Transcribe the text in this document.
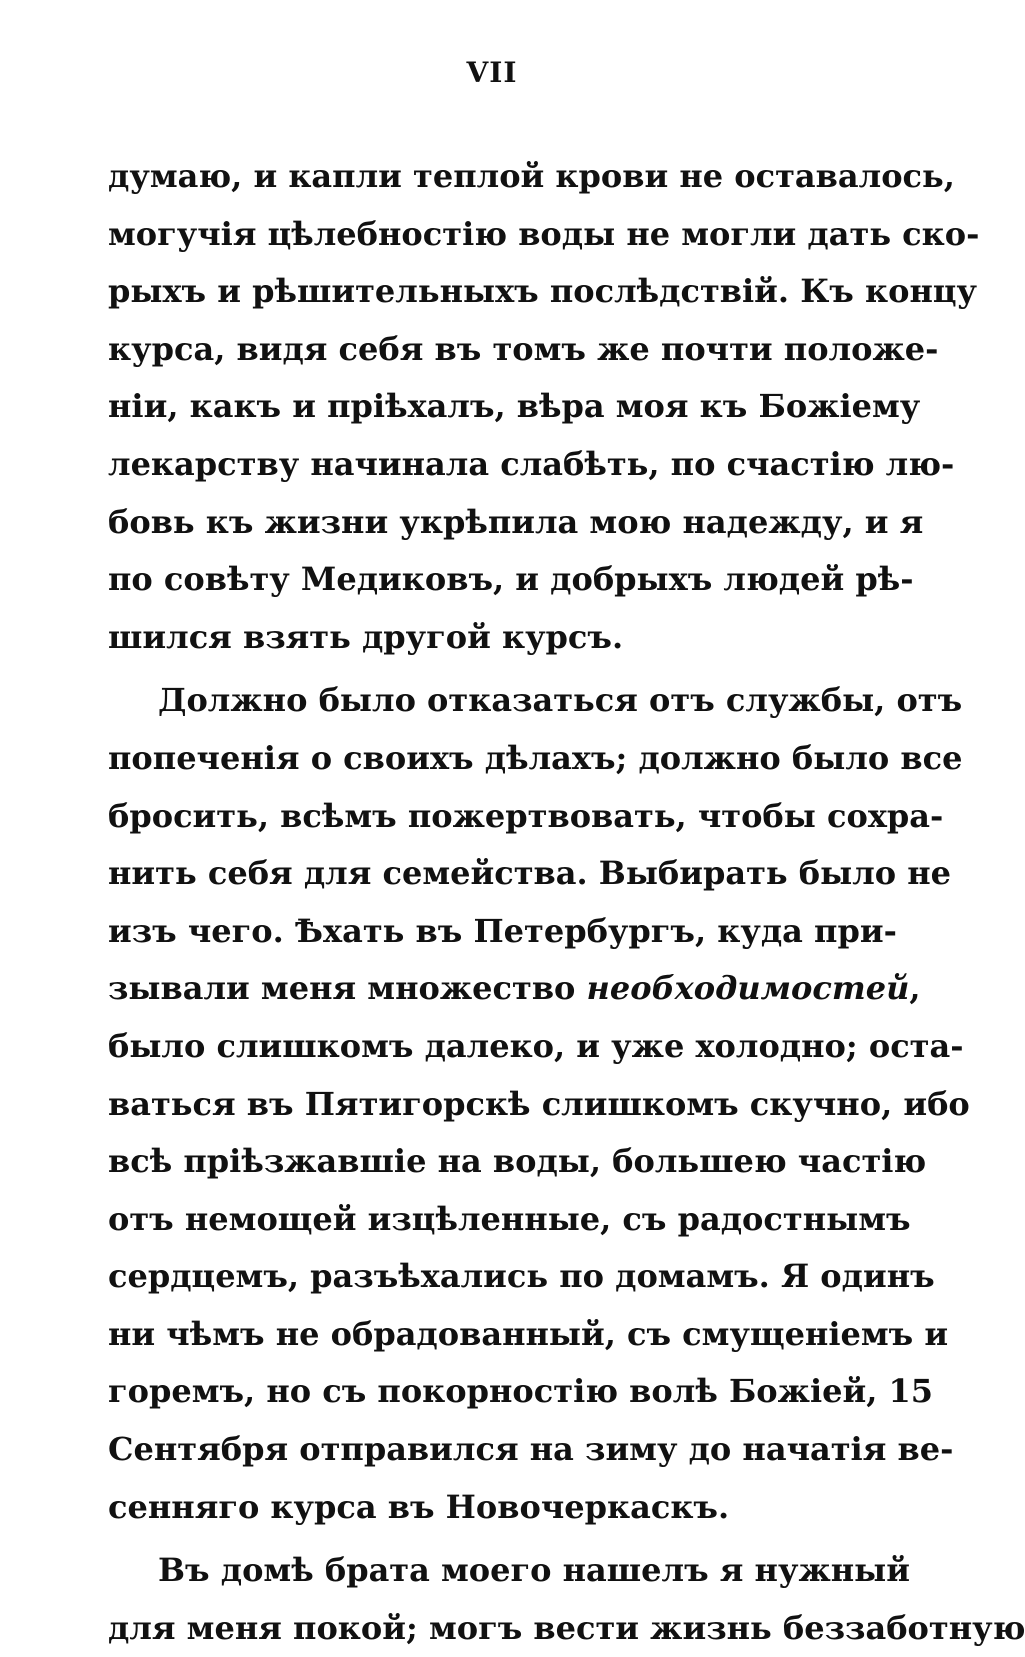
VII
думаю, и капли теплой крови не оставалось,
могучія цѣлебностію воды не могли дать ско-
рыхъ и рѣшительныхъ послѣдствій. Къ концу
курса, видя себя въ томъ же почти положе-
ніи, какъ и пріѣхалъ, вѣра моя къ Божіему
лекарству начинала слабѣть, по счастію лю-
бовь къ жизни укрѣпила мою надежду, и я
по совѣту Медиковъ, и добрыхъ людей рѣ-
шился взять другой курсъ.
Должно было отказаться отъ службы, отъ
попеченія о своихъ дѣлахъ; должно было все
бросить, всѣмъ пожертвовать, чтобы сохра-
нить себя для семейства. Выбирать было не
изъ чего. Ѣхать въ Петербургъ, куда при-
зывали меня множество необходимостей,
было слишкомъ далеко, и уже холодно; оста-
ваться въ Пятигорскѣ слишкомъ скучно, ибо
всѣ пріѣзжавшіе на воды, большею частію
отъ немощей изцѣленные, съ радостнымъ
сердцемъ, разъѣхались по домамъ. Я одинъ
ни чѣмъ не обрадованный, съ смущеніемъ и
горемъ, но съ покорностію волѣ Божіей, 15
Сентября отправился на зиму до начатія ве-
сенняго курса въ Новочеркаскъ.
Въ домѣ брата моего нашелъ я нужный
для меня покой; могъ вести жизнь беззаботную
